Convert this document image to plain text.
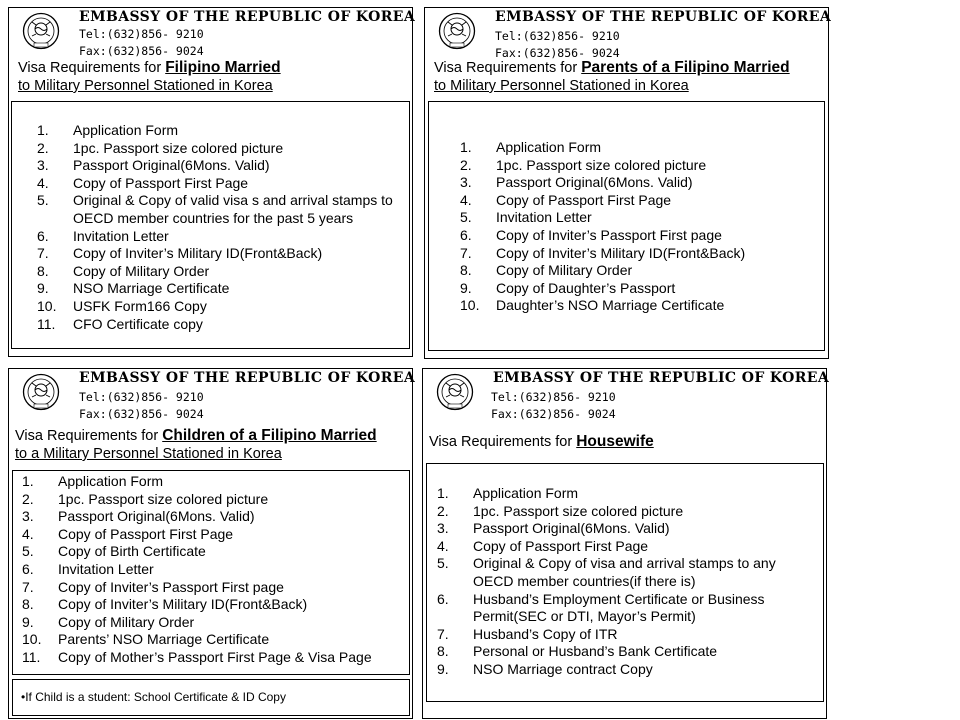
EMBASSY OF THE REPUBLIC OF KOREA
Tel:(632)856- 9210
Fax:(632)856- 9024
Visa Requirements for Filipino Married
to Military Personnel Stationed in Korea
1. Application Form
2. 1pc. Passport size colored picture
3. Passport Original(6Mons. Valid)
4. Copy of Passport First Page
5. Original & Copy of valid visa s and arrival stamps to
OECD member countries for the past 5 years
6. Invitation Letter
7. Copy of Inviter’s Military ID(Front&Back)
8. Copy of Military Order
9. NSO Marriage Certificate
10. USFK Form166 Copy
11. CFO Certificate copy
EMBASSY OF THE REPUBLIC OF KOREA
Tel:(632)856- 9210
Fax:(632)856- 9024
Visa Requirements for Parents of a Filipino Married
to Military Personnel Stationed in Korea
1. Application Form
2. 1pc. Passport size colored picture
3. Passport Original(6Mons. Valid)
4. Copy of Passport First Page
5. Invitation Letter
6. Copy of Inviter’s Passport First page
7. Copy of Inviter’s Military ID(Front&Back)
8. Copy of Military Order
9. Copy of Daughter’s Passport
10. Daughter’s NSO Marriage Certificate
EMBASSY OF THE REPUBLIC OF KOREA
Tel:(632)856- 9210
Fax:(632)856- 9024
Visa Requirements for Children of a Filipino Married
to a Military Personnel Stationed in Korea
1. Application Form
2. 1pc. Passport size colored picture
3. Passport Original(6Mons. Valid)
4. Copy of Passport First Page
5. Copy of Birth Certificate
6. Invitation Letter
7. Copy of Inviter’s Passport First page
8. Copy of Inviter’s Military ID(Front&Back)
9. Copy of Military Order
10. Parents’ NSO Marriage Certificate
11. Copy of Mother’s Passport First Page & Visa Page
•If Child is a student: School Certificate & ID Copy
EMBASSY OF THE REPUBLIC OF KOREA
Tel:(632)856- 9210
Fax:(632)856- 9024
Visa Requirements for Housewife
1. Application Form
2. 1pc. Passport size colored picture
3. Passport Original(6Mons. Valid)
4. Copy of Passport First Page
5. Original & Copy of visa and arrival stamps to any
OECD member countries(if there is)
6. Husband’s Employment Certificate or Business
Permit(SEC or DTI, Mayor’s Permit)
7. Husband’s Copy of ITR
8. Personal or Husband’s Bank Certificate
9. NSO Marriage contract Copy
